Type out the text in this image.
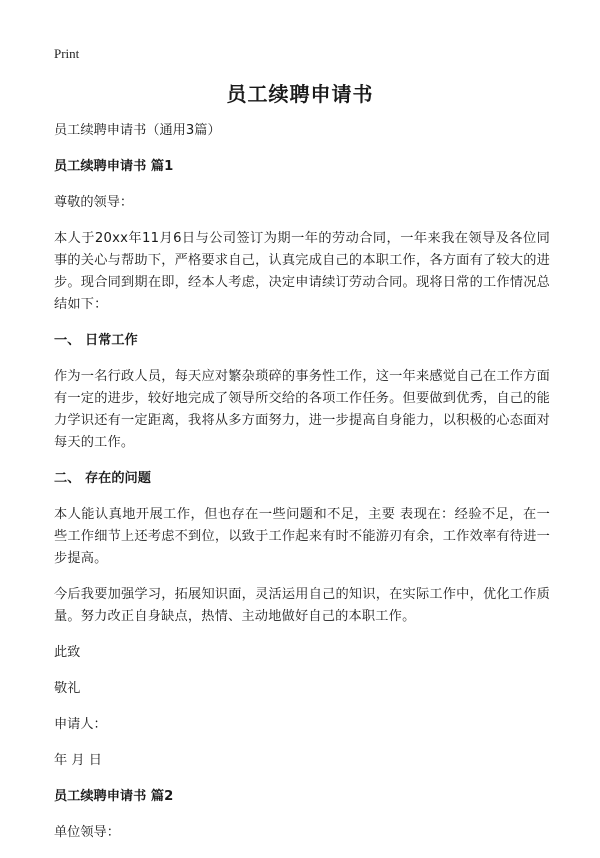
Print
员工续聘申请书

员工续聘申请书（通用3篇）

员工续聘申请书 篇1

尊敬的领导：

本人于20xx年11月6日与公司签订为期一年的劳动合同，一年来我在领导及各位同事的关心与帮助下，严格要求自己，认真完成自己的本职工作，各方面有了较大的进步。现合同到期在即，经本人考虑，决定申请续订劳动合同。现将日常的工作情况总结如下：

一、 日常工作

作为一名行政人员，每天应对繁杂琐碎的事务性工作，这一年来感觉自己在工作方面有一定的进步，较好地完成了领导所交给的各项工作任务。但要做到优秀，自己的能力学识还有一定距离，我将从多方面努力，进一步提高自身能力，以积极的心态面对每天的工作。

二、 存在的问题

本人能认真地开展工作，但也存在一些问题和不足，主要 表现在：经验不足，在一些工作细节上还考虑不到位，以致于工作起来有时不能游刃有余，工作效率有待进一步提高。

今后我要加强学习，拓展知识面，灵活运用自己的知识，在实际工作中，优化工作质量。努力改正自身缺点，热情、主动地做好自己的本职工作。

此致

敬礼

申请人：

年 月 日

员工续聘申请书 篇2

单位领导：
